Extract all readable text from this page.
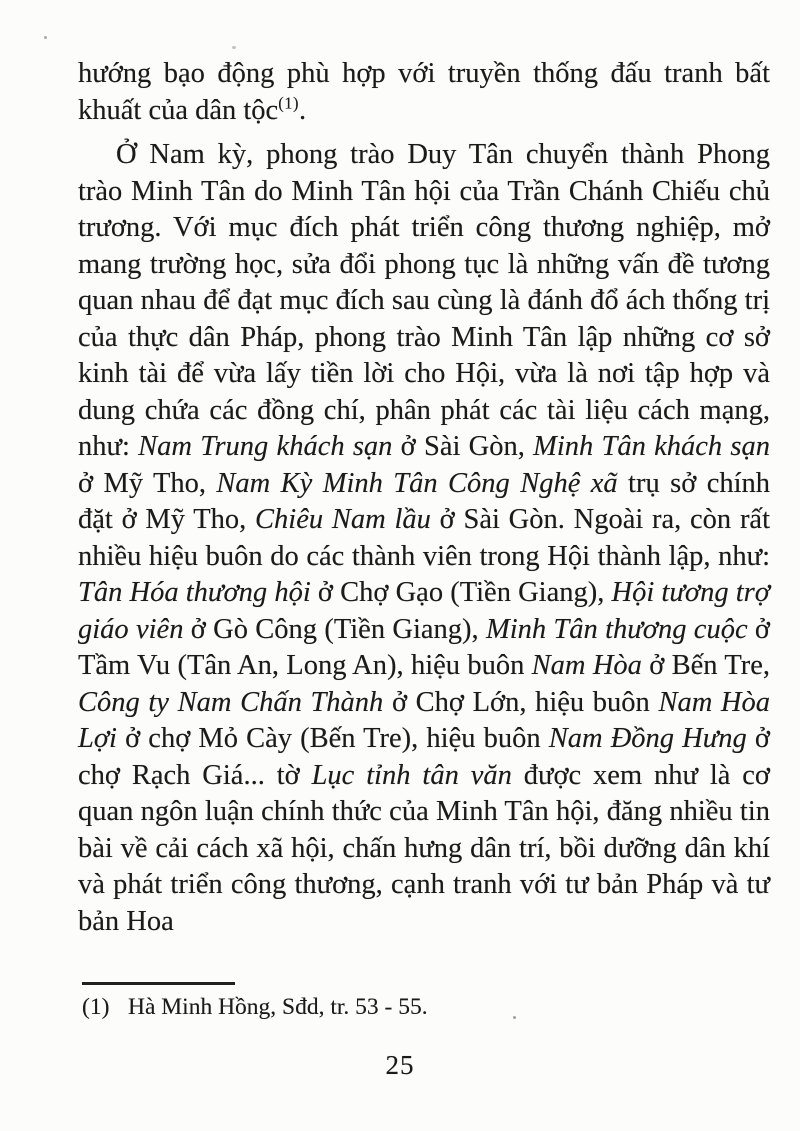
hướng bạo động phù hợp với truyền thống đấu tranh bất khuất của dân tộc$^{(1)}$.

Ở Nam kỳ, phong trào Duy Tân chuyển thành Phong trào Minh Tân do Minh Tân hội của Trần Chánh Chiếu chủ trương. Với mục đích phát triển công thương nghiệp, mở mang trường học, sửa đổi phong tục là những vấn đề tương quan nhau để đạt mục đích sau cùng là đánh đổ ách thống trị của thực dân Pháp, phong trào Minh Tân lập những cơ sở kinh tài để vừa lấy tiền lời cho Hội, vừa là nơi tập hợp và dung chứa các đồng chí, phân phát các tài liệu cách mạng, như: Nam Trung khách sạn ở Sài Gòn, Minh Tân khách sạn ở Mỹ Tho, Nam Kỳ Minh Tân Công Nghệ xã trụ sở chính đặt ở Mỹ Tho, Chiêu Nam lầu ở Sài Gòn. Ngoài ra, còn rất nhiều hiệu buôn do các thành viên trong Hội thành lập, như: Tân Hóa thương hội ở Chợ Gạo (Tiền Giang), Hội tương trợ giáo viên ở Gò Công (Tiền Giang), Minh Tân thương cuộc ở Tầm Vu (Tân An, Long An), hiệu buôn Nam Hòa ở Bến Tre, Công ty Nam Chấn Thành ở Chợ Lớn, hiệu buôn Nam Hòa Lợi ở chợ Mỏ Cày (Bến Tre), hiệu buôn Nam Đồng Hưng ở chợ Rạch Giá... tờ Lục tỉnh tân văn được xem như là cơ quan ngôn luận chính thức của Minh Tân hội, đăng nhiều tin bài về cải cách xã hội, chấn hưng dân trí, bồi dưỡng dân khí và phát triển công thương, cạnh tranh với tư bản Pháp và tư bản Hoa

(1) Hà Minh Hồng, Sđd, tr. 53 - 55.
25
